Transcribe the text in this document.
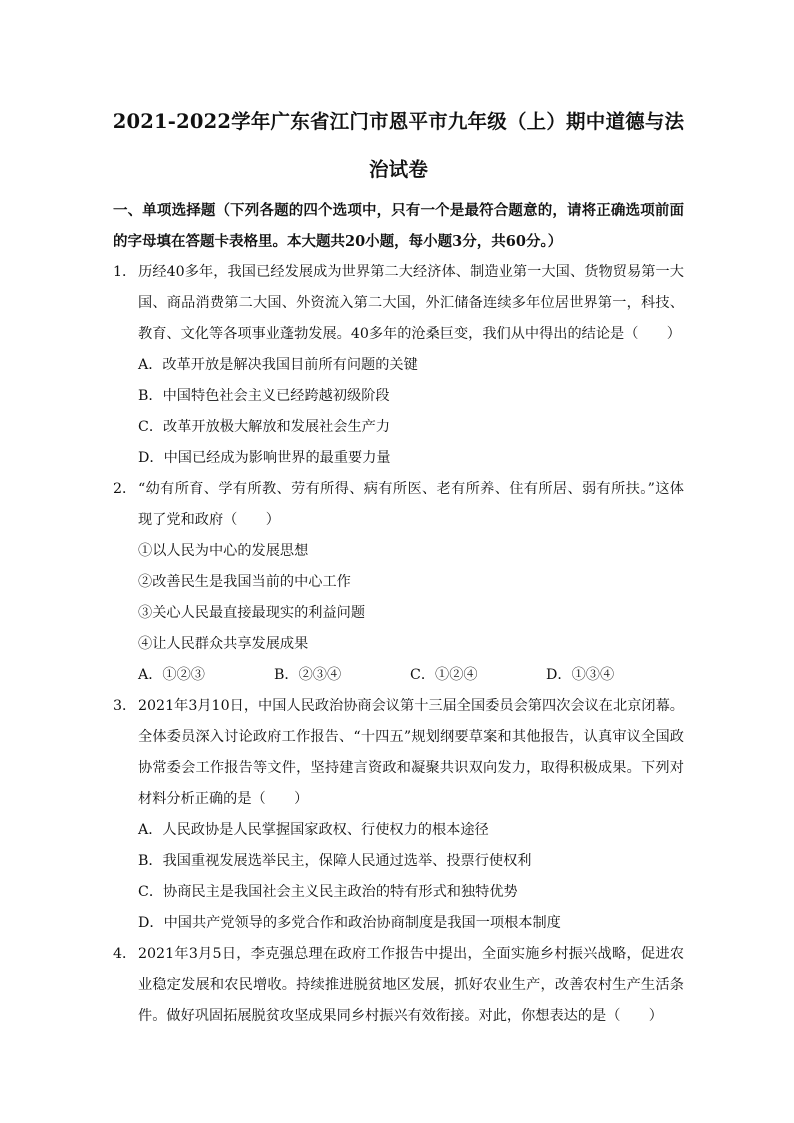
2021-2022学年广东省江门市恩平市九年级（上）期中道德与法
治试卷
一、单项选择题（下列各题的四个选项中，只有一个是最符合题意的，请将正确选项前面的字母填在答题卡表格里。本大题共20小题，每小题3分，共60分。）
1． 历经40多年，我国已经发展成为世界第二大经济体、制造业第一大国、货物贸易第一大国、商品消费第二大国、外资流入第二大国，外汇储备连续多年位居世界第一，科技、教育、文化等各项事业蓬勃发展。40多年的沧桑巨变，我们从中得出的结论是（　　）
A．改革开放是解决我国目前所有问题的关键
B．中国特色社会主义已经跨越初级阶段
C．改革开放极大解放和发展社会生产力
D．中国已经成为影响世界的最重要力量
2． “幼有所育、学有所教、劳有所得、病有所医、老有所养、住有所居、弱有所扶。”这体现了党和政府（　　）
①以人民为中心的发展思想
②改善民生是我国当前的中心工作
③关心人民最直接最现实的利益问题
④让人民群众共享发展成果
A．①②③	B．②③④	C．①②④	D．①③④
3． 2021年3月10日，中国人民政治协商会议第十三届全国委员会第四次会议在北京闭幕。全体委员深入讨论政府工作报告、“十四五”规划纲要草案和其他报告，认真审议全国政协常委会工作报告等文件，坚持建言资政和凝聚共识双向发力，取得积极成果。下列对材料分析正确的是（　　）
A．人民政协是人民掌握国家政权、行使权力的根本途径
B．我国重视发展选举民主，保障人民通过选举、投票行使权利
C．协商民主是我国社会主义民主政治的特有形式和独特优势
D．中国共产党领导的多党合作和政治协商制度是我国一项根本制度
4． 2021年3月5日，李克强总理在政府工作报告中提出，全面实施乡村振兴战略，促进农业稳定发展和农民增收。持续推进脱贫地区发展，抓好农业生产，改善农村生产生活条件。做好巩固拓展脱贫攻坚成果同乡村振兴有效衔接。对此，你想表达的是（　　）
